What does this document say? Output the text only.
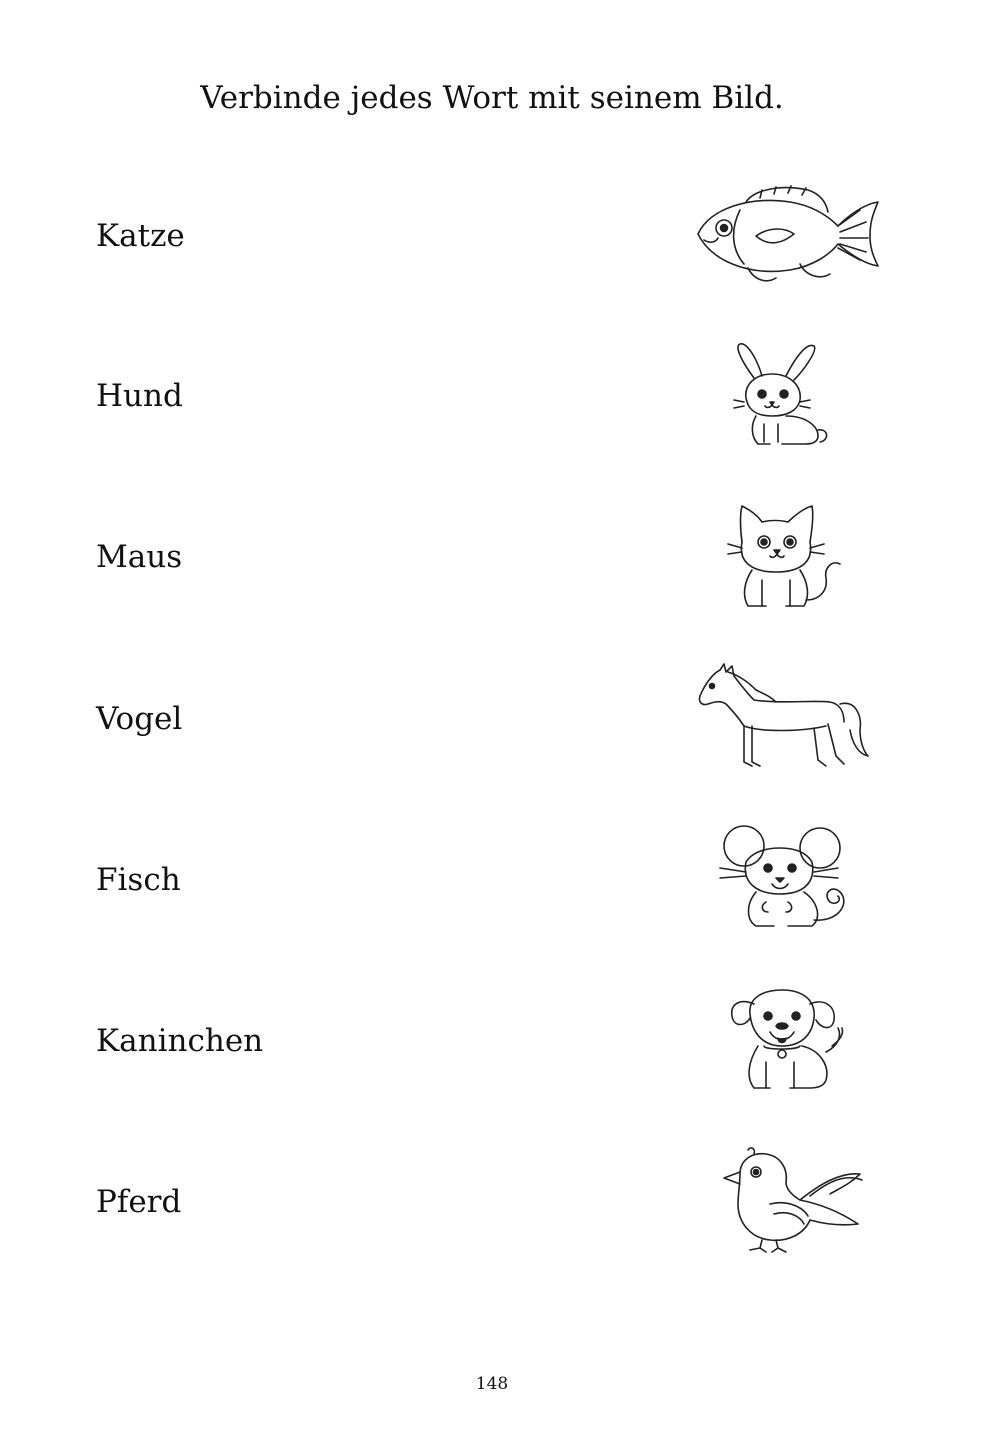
Verbinde jedes Wort mit seinem Bild.
Katze
Hund
Maus
Vogel
Fisch
Kaninchen
Pferd
148
